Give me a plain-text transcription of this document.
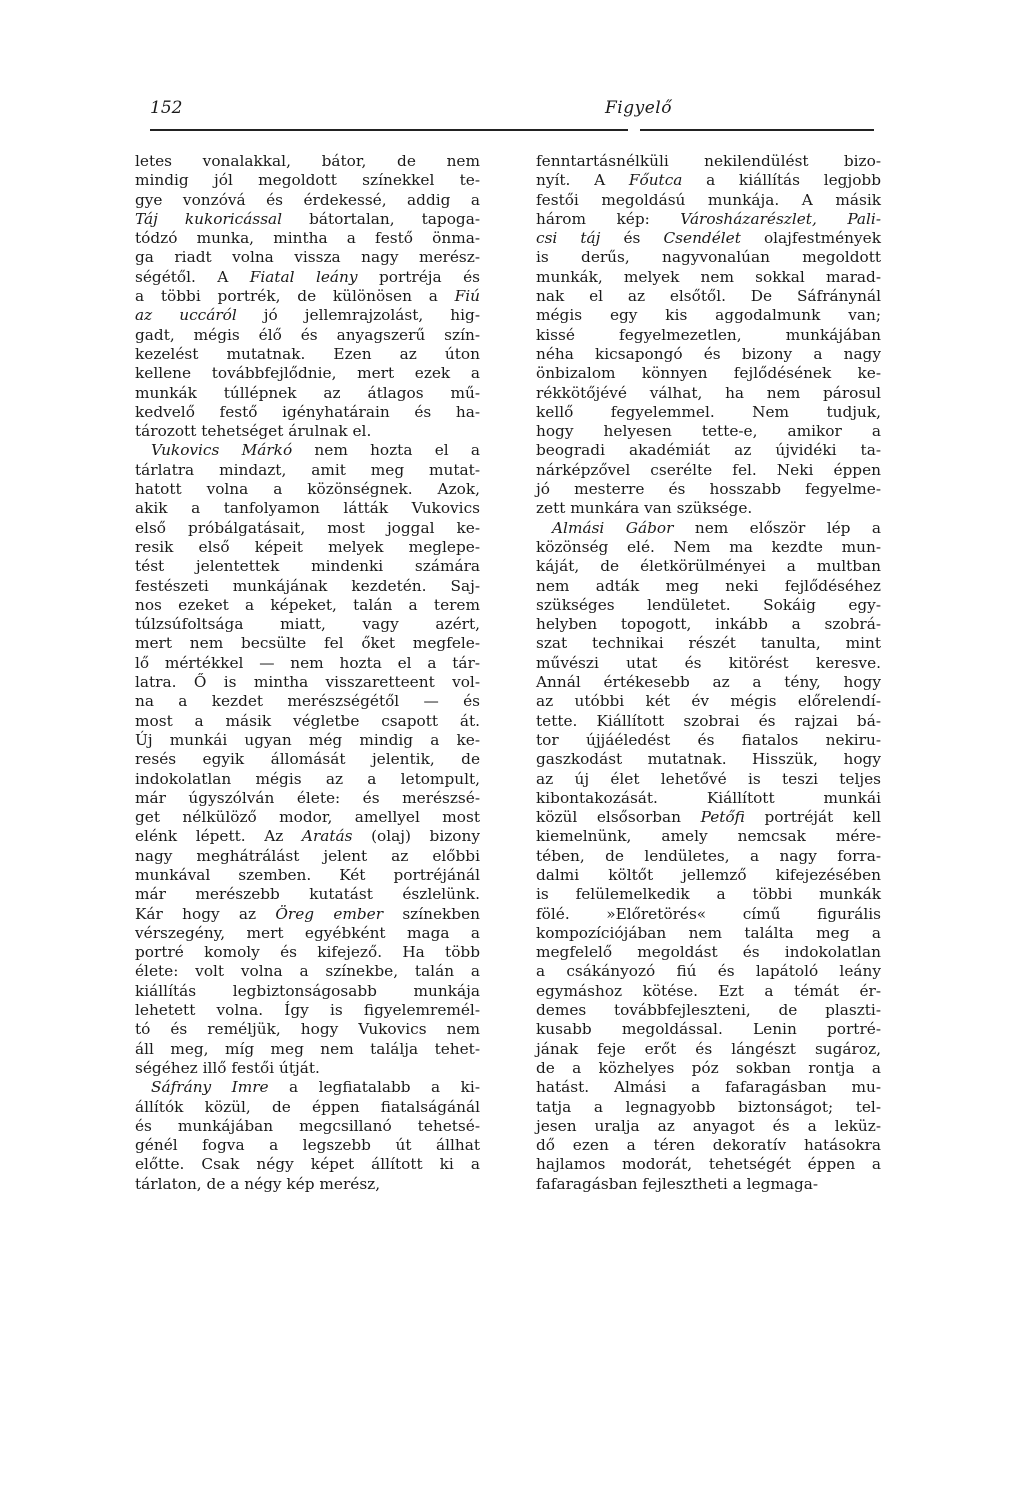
152	Figyelő
letes vonalakkal, bátor, de nem
mindig jól megoldott színekkel te-
gye vonzóvá és érdekessé, addig a
Táj kukoricással bátortalan, tapoga-
tódzó munka, mintha a festő önma-
ga riadt volna vissza nagy merész-
ségétől. A Fiatal leány portréja és
a többi portrék, de különösen a Fiú
az uccáról jó jellemrajzolást, hig-
gadt, mégis élő és anyagszerű szín-
kezelést mutatnak. Ezen az úton
kellene továbbfejlődnie, mert ezek a
munkák túllépnek az átlagos mű-
kedvelő festő igényhatárain és ha-
tározott tehetséget árulnak el.
Vukovics Márkó nem hozta el a
tárlatra mindazt, amit meg mutat-
hatott volna a közönségnek. Azok,
akik a tanfolyamon látták Vukovics
első próbálgatásait, most joggal ke-
resik első képeit melyek meglepe-
tést jelentettek mindenki számára
festészeti munkájának kezdetén. Saj-
nos ezeket a képeket, talán a terem
túlzsúfoltsága miatt, vagy azért,
mert nem becsülte fel őket megfele-
lő mértékkel — nem hozta el a tár-
latra. Ő is mintha visszaretteent vol-
na a kezdet merészségétől — és
most a másik végletbe csapott át.
Új munkái ugyan még mindig a ke-
resés egyik állomását jelentik, de
indokolatlan mégis az a letompult,
már úgyszólván élete: és merészsé-
get nélkülöző modor, amellyel most
elénk lépett. Az Aratás (olaj) bizony
nagy meghátrálást jelent az előbbi
munkával szemben. Két portréjánál
már merészebb kutatást észlelünk.
Kár hogy az Öreg ember színekben
vérszegény, mert egyébként maga a
portré komoly és kifejező. Ha több
élete: volt volna a színekbe, talán a
kiállítás legbiztonságosabb munkája
lehetett volna. Így is figyelemremél-
tó és reméljük, hogy Vukovics nem
áll meg, míg meg nem találja tehet-
ségéhez illő festői útját.
Sáfrány Imre a legfiatalabb a ki-
állítók közül, de éppen fiatalságánál
és munkájában megcsillanó tehetsé-
génél fogva a legszebb út állhat
előtte. Csak négy képet állított ki a
tárlaton, de a négy kép merész,
fenntartásnélküli nekilendülést bizo-
nyít. A Főutca a kiállítás legjobb
festői megoldású munkája. A másik
három kép: Városházarészlet, Pali-
csi táj és Csendélet olajfestmények
is derűs, nagyvonalúan megoldott
munkák, melyek nem sokkal marad-
nak el az elsőtől. De Sáfránynál
mégis egy kis aggodalmunk van;
kissé fegyelmezetlen, munkájában
néha kicsapongó és bizony a nagy
önbizalom könnyen fejlődésének ke-
rékkötőjévé válhat, ha nem párosul
kellő fegyelemmel. Nem tudjuk,
hogy helyesen tette-e, amikor a
beogradi akadémiát az újvidéki ta-
nárképzővel cserélte fel. Neki éppen
jó mesterre és hosszabb fegyelme-
zett munkára van szüksége.
Almási Gábor nem először lép a
közönség elé. Nem ma kezdte mun-
káját, de életkörülményei a multban
nem adták meg neki fejlődéséhez
szükséges lendületet. Sokáig egy-
helyben topogott, inkább a szobrá-
szat technikai részét tanulta, mint
művészi utat és kitörést keresve.
Annál értékesebb az a tény, hogy
az utóbbi két év mégis előrelendí-
tette. Kiállított szobrai és rajzai bá-
tor újjáéledést és fiatalos nekiru-
gaszkodást mutatnak. Hisszük, hogy
az új élet lehetővé is teszi teljes
kibontakozását. Kiállított munkái
közül elsősorban Petőfi portréját kell
kiemelnünk, amely nemcsak mére-
tében, de lendületes, a nagy forra-
dalmi költőt jellemző kifejezésében
is felülemelkedik a többi munkák
fölé. »Előretörés« című figurális
kompozíciójában nem találta meg a
megfelelő megoldást és indokolatlan
a csákányozó fiú és lapátoló leány
egymáshoz kötése. Ezt a témát ér-
demes továbbfejleszteni, de plaszti-
kusabb megoldással. Lenin portré-
jának feje erőt és lángészt sugároz,
de a közhelyes póz sokban rontja a
hatást. Almási a fafaragásban mu-
tatja a legnagyobb biztonságot; tel-
jesen uralja az anyagot és a leküz-
dő ezen a téren dekoratív hatásokra
hajlamos modorát, tehetségét éppen a
fafaragásban fejlesztheti a legmaga-
